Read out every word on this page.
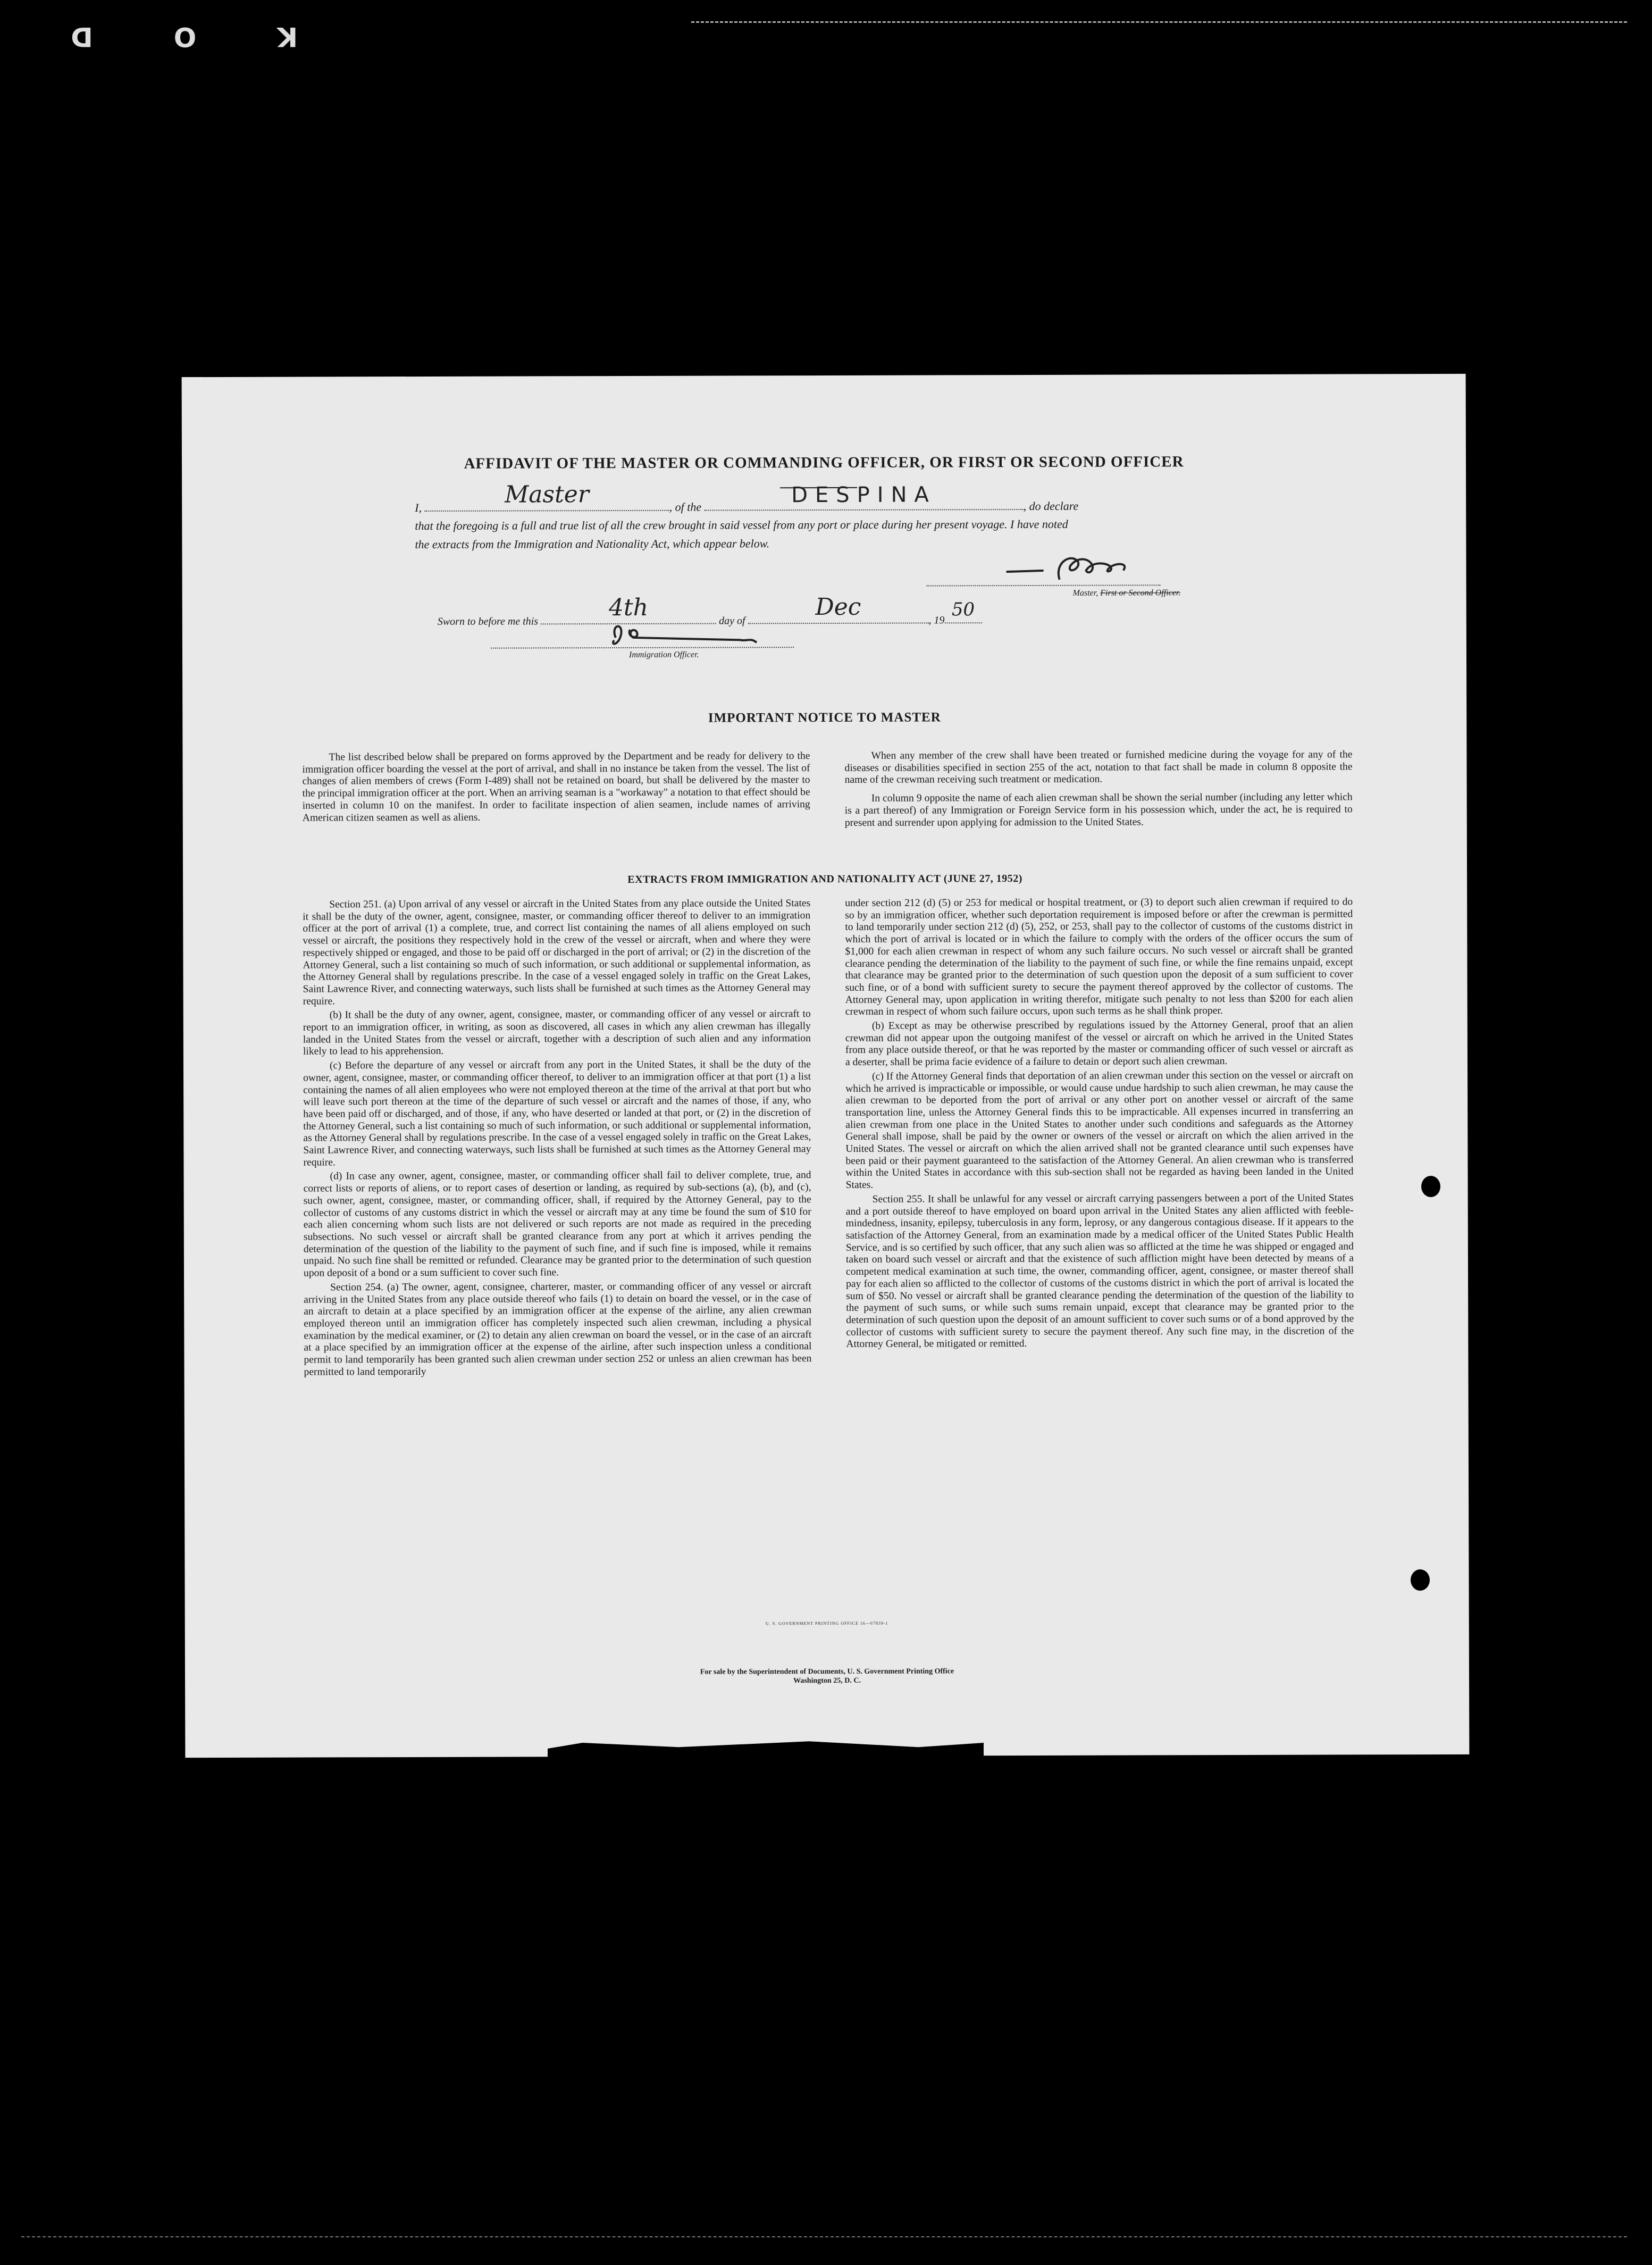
K
O
D
AFFIDAVIT OF THE MASTER OR COMMANDING OFFICER, OR FIRST OR SECOND OFFICER
I,	Master	, of the	DESPINA	, do declare
that the foregoing is a full and true list of all the crew brought in said vessel from any port or place during her present voyage. I have noted
the extracts from the Immigration and Nationality Act, which appear below.
Master, First or Second Officer.
Sworn to before me this
4th	day of
Dec	, 19
50
Immigration Officer.
IMPORTANT NOTICE TO MASTER

The list described below shall be prepared on forms approved by the Department and be ready for delivery to the immigration officer boarding the vessel at the port of arrival, and shall in no instance be taken from the vessel. The list of changes of alien members of crews (Form I-489) shall not be retained on board, but shall be delivered by the master to the principal immigration officer at the port. When an arriving seaman is a "workaway" a notation to that effect should be inserted in column 10 on the manifest. In order to facilitate inspection of alien seamen, include names of arriving American citizen seamen as well as aliens.

When any member of the crew shall have been treated or furnished medicine during the voyage for any of the diseases or disabilities specified in section 255 of the act, notation to that fact shall be made in column 8 opposite the name of the crewman receiving such treatment or medication.

In column 9 opposite the name of each alien crewman shall be shown the serial number (including any letter which is a part thereof) of any Immigration or Foreign Service form in his possession which, under the act, he is required to present and surrender upon applying for admission to the United States.

EXTRACTS FROM IMMIGRATION AND NATIONALITY ACT (JUNE 27, 1952)

Section 251. (a) Upon arrival of any vessel or aircraft in the United States from any place outside the United States it shall be the duty of the owner, agent, consignee, master, or commanding officer thereof to deliver to an immigration officer at the port of arrival (1) a complete, true, and correct list containing the names of all aliens employed on such vessel or aircraft, the positions they respectively hold in the crew of the vessel or aircraft, when and where they were respectively shipped or engaged, and those to be paid off or discharged in the port of arrival; or (2) in the discretion of the Attorney General, such a list containing so much of such information, or such additional or supplemental information, as the Attorney General shall by regulations prescribe. In the case of a vessel engaged solely in traffic on the Great Lakes, Saint Lawrence River, and connecting waterways, such lists shall be furnished at such times as the Attorney General may require.

(b) It shall be the duty of any owner, agent, consignee, master, or commanding officer of any vessel or aircraft to report to an immigration officer, in writing, as soon as discovered, all cases in which any alien crewman has illegally landed in the United States from the vessel or aircraft, together with a description of such alien and any information likely to lead to his apprehension.

(c) Before the departure of any vessel or aircraft from any port in the United States, it shall be the duty of the owner, agent, consignee, master, or commanding officer thereof, to deliver to an immigration officer at that port (1) a list containing the names of all alien employees who were not employed thereon at the time of the arrival at that port but who will leave such port thereon at the time of the departure of such vessel or aircraft and the names of those, if any, who have been paid off or discharged, and of those, if any, who have deserted or landed at that port, or (2) in the discretion of the Attorney General, such a list containing so much of such information, or such additional or supplemental information, as the Attorney General shall by regulations prescribe. In the case of a vessel engaged solely in traffic on the Great Lakes, Saint Lawrence River, and connecting waterways, such lists shall be furnished at such times as the Attorney General may require.

(d) In case any owner, agent, consignee, master, or commanding officer shall fail to deliver complete, true, and correct lists or reports of aliens, or to report cases of desertion or landing, as required by sub-sections (a), (b), and (c), such owner, agent, consignee, master, or commanding officer, shall, if required by the Attorney General, pay to the collector of customs of any customs district in which the vessel or aircraft may at any time be found the sum of $10 for each alien concerning whom such lists are not delivered or such reports are not made as required in the preceding subsections. No such vessel or aircraft shall be granted clearance from any port at which it arrives pending the determination of the question of the liability to the payment of such fine, and if such fine is imposed, while it remains unpaid. No such fine shall be remitted or refunded. Clearance may be granted prior to the determination of such question upon deposit of a bond or a sum sufficient to cover such fine.

Section 254. (a) The owner, agent, consignee, charterer, master, or commanding officer of any vessel or aircraft arriving in the United States from any place outside thereof who fails (1) to detain on board the vessel, or in the case of an aircraft to detain at a place specified by an immigration officer at the expense of the airline, any alien crewman employed thereon until an immigration officer has completely inspected such alien crewman, including a physical examination by the medical examiner, or (2) to detain any alien crewman on board the vessel, or in the case of an aircraft at a place specified by an immigration officer at the expense of the airline, after such inspection unless a conditional permit to land temporarily has been granted such alien crewman under section 252 or unless an alien crewman has been permitted to land temporarily

under section 212 (d) (5) or 253 for medical or hospital treatment, or (3) to deport such alien crewman if required to do so by an immigration officer, whether such deportation requirement is imposed before or after the crewman is permitted to land temporarily under section 212 (d) (5), 252, or 253, shall pay to the collector of customs of the customs district in which the port of arrival is located or in which the failure to comply with the orders of the officer occurs the sum of $1,000 for each alien crewman in respect of whom any such failure occurs. No such vessel or aircraft shall be granted clearance pending the determination of the liability to the payment of such fine, or while the fine remains unpaid, except that clearance may be granted prior to the determination of such question upon the deposit of a sum sufficient to cover such fine, or of a bond with sufficient surety to secure the payment thereof approved by the collector of customs. The Attorney General may, upon application in writing therefor, mitigate such penalty to not less than $200 for each alien crewman in respect of whom such failure occurs, upon such terms as he shall think proper.

(b) Except as may be otherwise prescribed by regulations issued by the Attorney General, proof that an alien crewman did not appear upon the outgoing manifest of the vessel or aircraft on which he arrived in the United States from any place outside thereof, or that he was reported by the master or commanding officer of such vessel or aircraft as a deserter, shall be prima facie evidence of a failure to detain or deport such alien crewman.

(c) If the Attorney General finds that deportation of an alien crewman under this section on the vessel or aircraft on which he arrived is impracticable or impossible, or would cause undue hardship to such alien crewman, he may cause the alien crewman to be deported from the port of arrival or any other port on another vessel or aircraft of the same transportation line, unless the Attorney General finds this to be impracticable. All expenses incurred in transferring an alien crewman from one place in the United States to another under such conditions and safeguards as the Attorney General shall impose, shall be paid by the owner or owners of the vessel or aircraft on which the alien arrived in the United States. The vessel or aircraft on which the alien arrived shall not be granted clearance until such expenses have been paid or their payment guaranteed to the satisfaction of the Attorney General. An alien crewman who is transferred within the United States in accordance with this sub-section shall not be regarded as having been landed in the United States.

Section 255. It shall be unlawful for any vessel or aircraft carrying passengers between a port of the United States and a port outside thereof to have employed on board upon arrival in the United States any alien afflicted with feeble-mindedness, insanity, epilepsy, tuberculosis in any form, leprosy, or any dangerous contagious disease. If it appears to the satisfaction of the Attorney General, from an examination made by a medical officer of the United States Public Health Service, and is so certified by such officer, that any such alien was so afflicted at the time he was shipped or engaged and taken on board such vessel or aircraft and that the existence of such affliction might have been detected by means of a competent medical examination at such time, the owner, commanding officer, agent, consignee, or master thereof shall pay for each alien so afflicted to the collector of customs of the customs district in which the port of arrival is located the sum of $50. No vessel or aircraft shall be granted clearance pending the determination of the question of the liability to the payment of such sums, or while such sums remain unpaid, except that clearance may be granted prior to the determination of such question upon the deposit of an amount sufficient to cover such sums or of a bond approved by the collector of customs with sufficient surety to secure the payment thereof. Any such fine may, in the discretion of the Attorney General, be mitigated or remitted.

U. S. GOVERNMENT PRINTING OFFICE 16—67839-1
For sale by the Superintendent of Documents, U. S. Government Printing Office
Washington 25, D. C.
